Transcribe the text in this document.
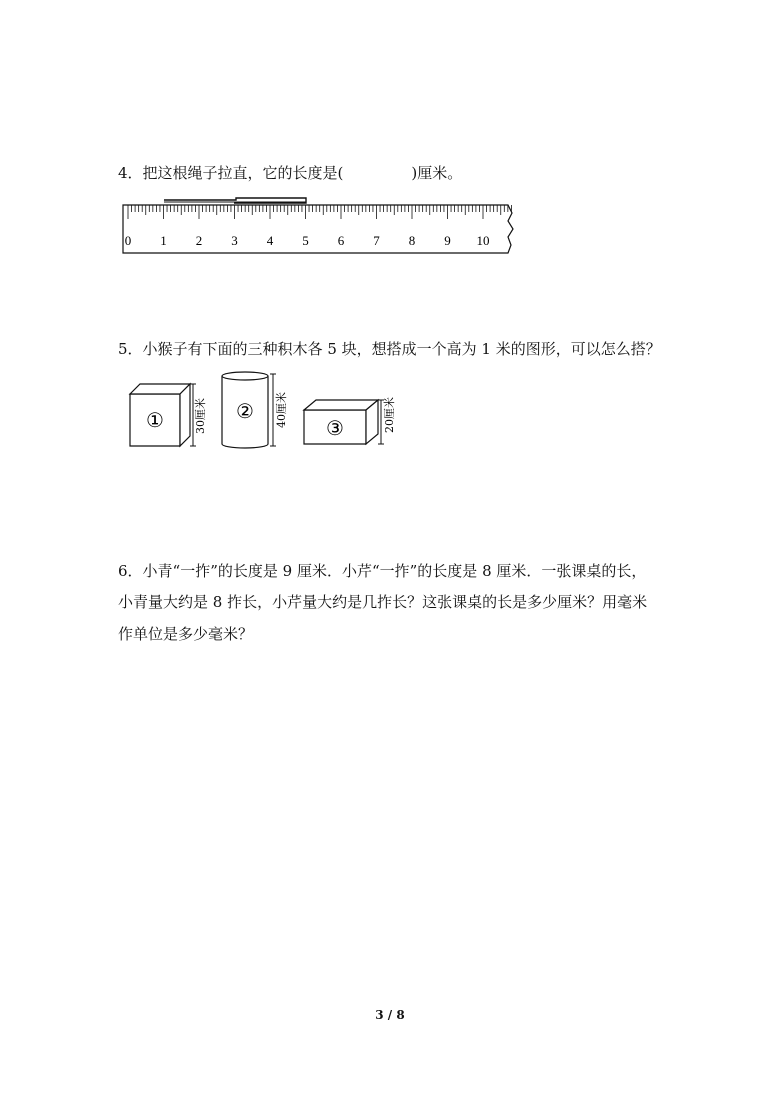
4．把这根绳子拉直，它的长度是(	)厘米。
0 1 2 3 4 5 6 7 8 9 10
5．小猴子有下面的三种积木各 5 块，想搭成一个高为 1 米的图形，可以怎么搭？
①	30厘米 ② 40厘米 ③	20厘米
6．小青“一拃”的长度是 9 厘米．小芹“一拃”的长度是 8 厘米．一张课桌的长，
小青量大约是 8 拃长，小芹量大约是几拃长？这张课桌的长是多少厘米？用毫米
作单位是多少毫米？
3 / 8
